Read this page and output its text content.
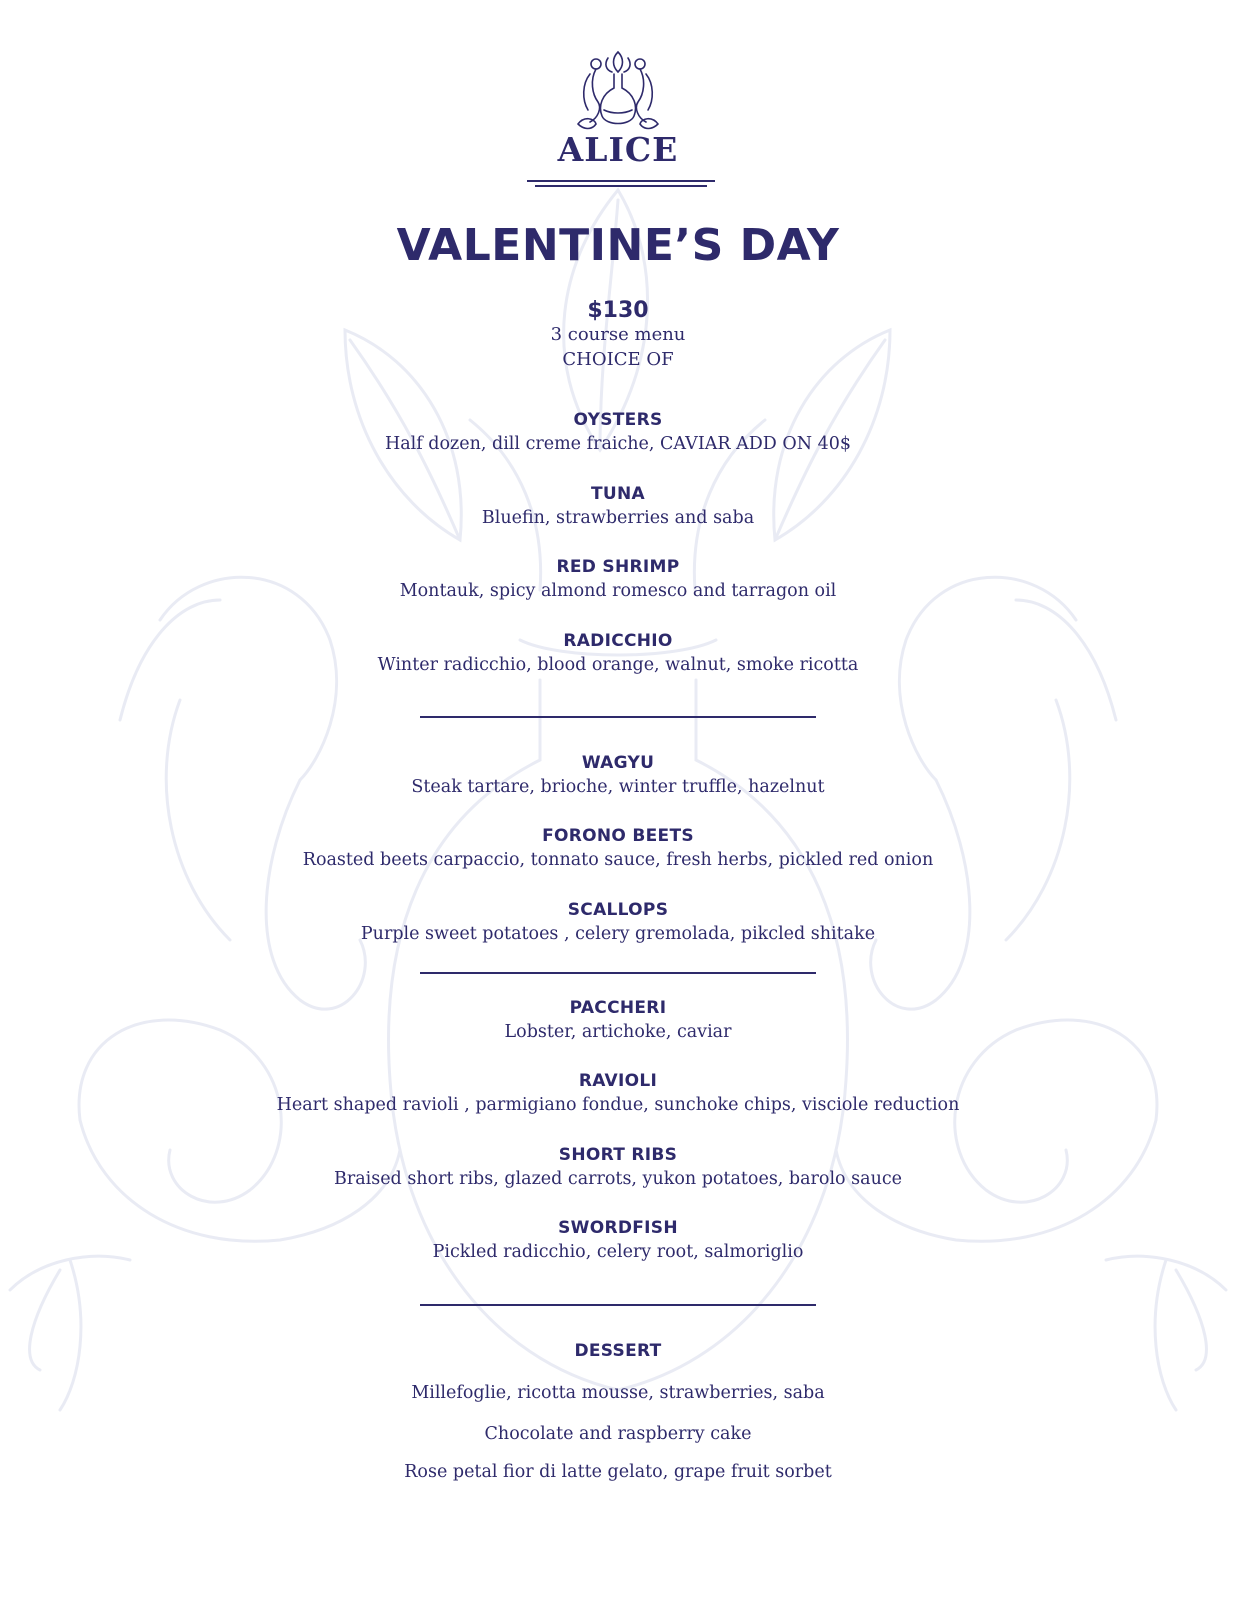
ALICE
VALENTINE’S DAY
$130
3 course menu
CHOICE OF
OYSTERS
Half dozen, dill creme fraiche, CAVIAR ADD ON 40$
TUNA
Bluefin, strawberries and saba
RED SHRIMP
Montauk, spicy almond romesco and tarragon oil
RADICCHIO
Winter radicchio, blood orange, walnut, smoke ricotta
WAGYU
Steak tartare, brioche, winter truffle, hazelnut
FORONO BEETS
Roasted beets carpaccio, tonnato sauce, fresh herbs, pickled red onion
SCALLOPS
Purple sweet potatoes , celery gremolada, pikcled shitake
PACCHERI
Lobster, artichoke, caviar
RAVIOLI
Heart shaped ravioli , parmigiano fondue, sunchoke chips, visciole reduction
SHORT RIBS
Braised short ribs, glazed carrots, yukon potatoes, barolo sauce
SWORDFISH
Pickled radicchio, celery root, salmoriglio
DESSERT
Millefoglie, ricotta mousse, strawberries, saba
Chocolate and raspberry cake
Rose petal fior di latte gelato, grape fruit sorbet
